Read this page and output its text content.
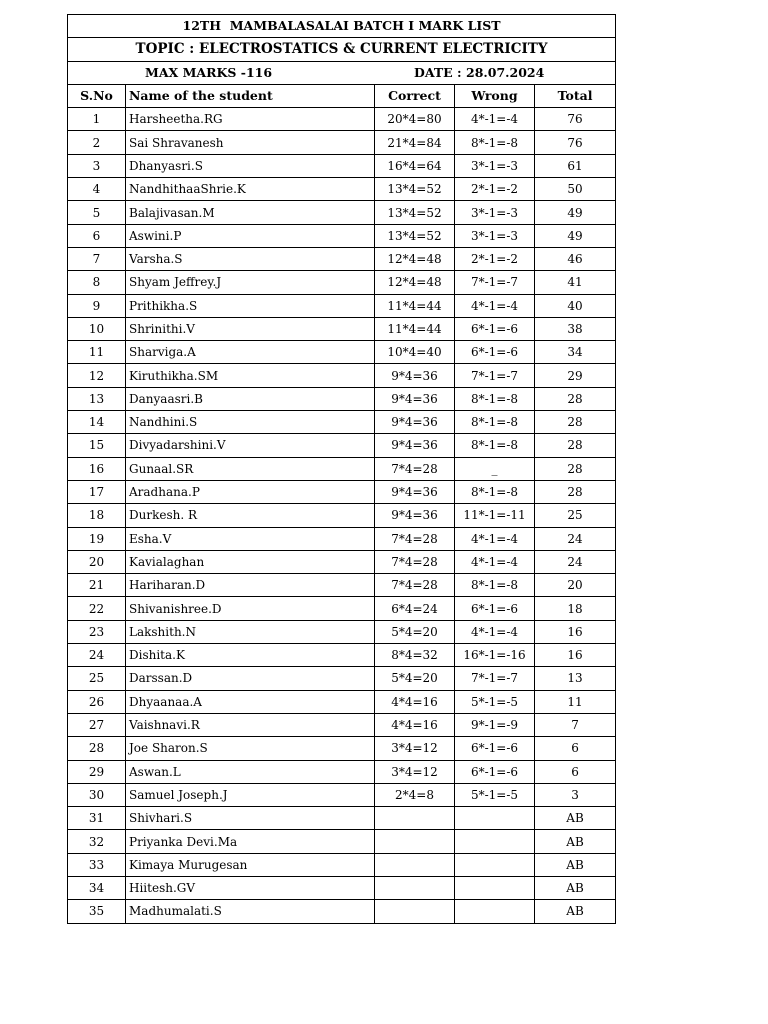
12TH  MAMBALASALAI BATCH I MARK LIST				
TOPIC : ELECTROSTATICS & CURRENT ELECTRICITY				

MAX MARKS -116 DATE : 28.07.2024				

S.No	Name of the student	Correct	Wrong	Total
1	Harsheetha.RG	20*4=80	4*-1=-4	76
2	Sai Shravanesh	21*4=84	8*-1=-8	76
3	Dhanyasri.S	16*4=64	3*-1=-3	61
4	NandhithaaShrie.K	13*4=52	2*-1=-2	50
5	Balajivasan.M	13*4=52	3*-1=-3	49
6	Aswini.P	13*4=52	3*-1=-3	49
7	Varsha.S	12*4=48	2*-1=-2	46
8	Shyam Jeffrey.J	12*4=48	7*-1=-7	41
9	Prithikha.S	11*4=44	4*-1=-4	40
10	Shrinithi.V	11*4=44	6*-1=-6	38
11	Sharviga.A	10*4=40	6*-1=-6	34
12	Kiruthikha.SM	9*4=36	7*-1=-7	29
13	Danyaasri.B	9*4=36	8*-1=-8	28
14	Nandhini.S	9*4=36	8*-1=-8	28
15	Divyadarshini.V	9*4=36	8*-1=-8	28
16	Gunaal.SR	7*4=28	_	28
17	Aradhana.P	9*4=36	8*-1=-8	28
18	Durkesh. R	9*4=36	11*-1=-11	25
19	Esha.V	7*4=28	4*-1=-4	24
20	Kavialaghan	7*4=28	4*-1=-4	24
21	Hariharan.D	7*4=28	8*-1=-8	20
22	Shivanishree.D	6*4=24	6*-1=-6	18
23	Lakshith.N	5*4=20	4*-1=-4	16
24	Dishita.K	8*4=32	16*-1=-16	16
25	Darssan.D	5*4=20	7*-1=-7	13
26	Dhyaanaa.A	4*4=16	5*-1=-5	11
27	Vaishnavi.R	4*4=16	9*-1=-9	7
28	Joe Sharon.S	3*4=12	6*-1=-6	6
29	Aswan.L	3*4=12	6*-1=-6	6
30	Samuel Joseph.J	2*4=8	5*-1=-5	3
31	Shivhari.S			AB
32	Priyanka Devi.Ma			AB
33	Kimaya Murugesan			AB
34	Hiitesh.GV			AB
35	Madhumalati.S			AB
